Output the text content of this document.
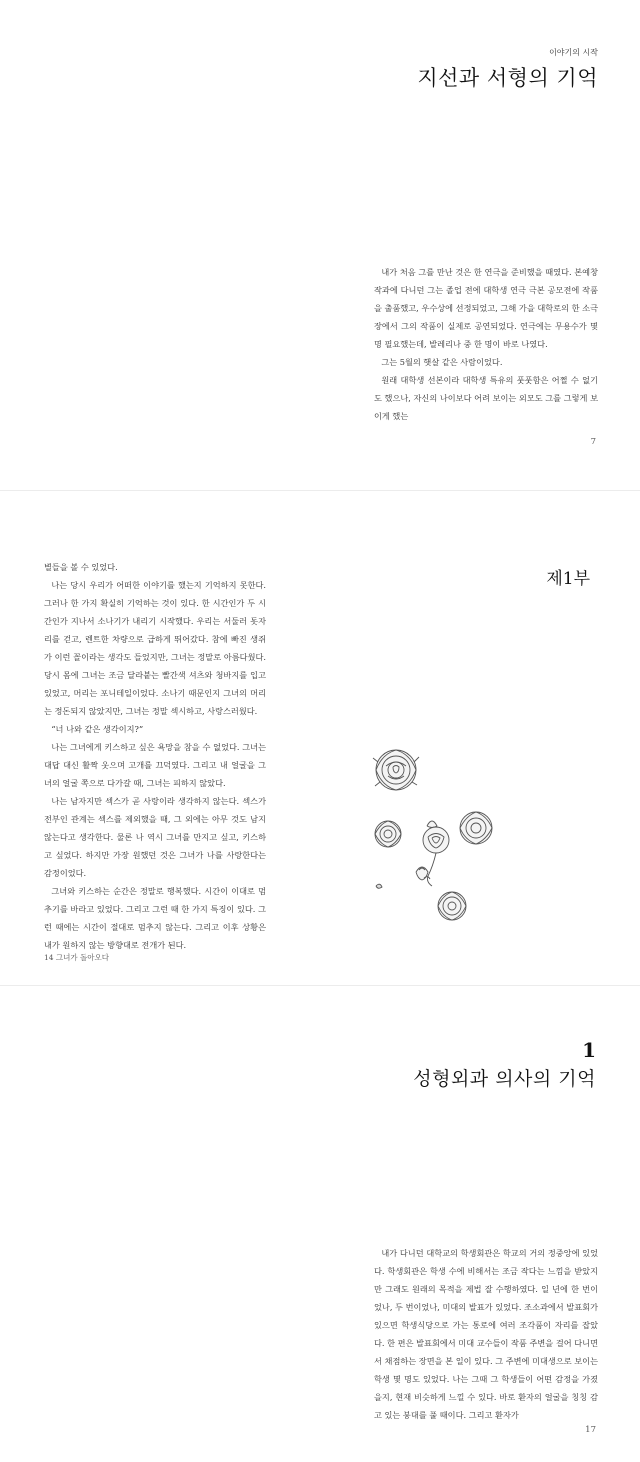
이야기의 시작
지선과 서형의 기억

내가 처음 그를 만난 것은 한 연극을 준비했을 때였다. 본예창작과에 다니던 그는 졸업 전에 대학생 연극 극본 공모전에 작품을 출품했고, 우수상에 선정되었고, 그해 가을 대학로의 한 소극장에서 그의 작품이 실제로 공연되었다. 연극에는 무용수가 몇 명 필요했는데, 발레리나 중 한 명이 바로 나였다.

그는 5월의 햇살 같은 사람이었다.

원래 대학생 선본이라 대학생 특유의 풋풋함은 어쩔 수 없기도 했으나, 자신의 나이보다 어려 보이는 외모도 그를 그렇게 보이게 했는

7

별들을 볼 수 있었다.

나는 당시 우리가 어떠한 이야기를 했는지 기억하지 못한다. 그러나 한 가지 확실히 기억하는 것이 있다. 한 시간인가 두 시간인가 지나서 소나기가 내리기 시작했다. 우리는 서둘러 돗자리를 걷고, 렌트한 차량으로 급하게 뛰어갔다. 참에 빠진 생쥐가 이런 꼴이라는 생각도 들었지만, 그녀는 정말로 아름다웠다. 당시 몸에 그녀는 조금 달라붙는 빨간색 셔츠와 청바지를 입고 있었고, 머리는 포니테일이었다. 소나기 때문인지 그녀의 머리는 정돈되지 않았지만, 그녀는 정말 섹시하고, 사랑스러웠다.

“너 나와 같은 생각이지?”

나는 그녀에게 키스하고 싶은 욕망을 참을 수 없었다. 그녀는 대답 대신 활짝 웃으며 고개를 끄덕였다. 그리고 내 얼굴을 그녀의 얼굴 쪽으로 다가갈 때, 그녀는 피하지 않았다.

나는 남자지만 섹스가 곧 사랑이라 생각하지 않는다. 섹스가 전부인 관계는 섹스를 제외했을 때, 그 외에는 아무 것도 남지 않는다고 생각한다. 물론 나 역시 그녀를 만지고 싶고, 키스하고 싶었다. 하지만 가장 원했던 것은 그녀가 나를 사랑한다는 감정이었다.

그녀와 키스하는 순간은 정말로 행복했다. 시간이 이대로 멈추기를 바라고 있었다. 그리고 그런 때 한 가지 특징이 있다. 그런 때에는 시간이 절대로 멈추지 않는다. 그리고 이후 상황은 내가 원하지 않는 방향대로 전개가 된다.

14 그녀가 돌아오다
제1부
1
성형외과 의사의 기억

내가 다니던 대학교의 학생회관은 학교의 거의 정중앙에 있었다. 학생회관은 학생 수에 비해서는 조금 작다는 느낌을 받았지만 그래도 원래의 목적을 제법 잘 수행하였다. 일 년에 한 번이었나, 두 번이었나, 미대의 발표가 있었다. 조소과에서 발표회가 있으면 학생식당으로 가는 통로에 여러 조각품이 자리를 잡았다. 한 편은 발표회에서 미대 교수들이 작품 주변을 걸어 다니면서 채점하는 장면을 본 일이 있다. 그 주변에 미대생으로 보이는 학생 몇 명도 있었다. 나는 그때 그 학생들이 어떤 감정을 가졌을지, 현재 비슷하게 느낄 수 있다. 바로 환자의 얼굴을 칭칭 감고 있는 붕대를 풀 때이다. 그리고 환자가

17
